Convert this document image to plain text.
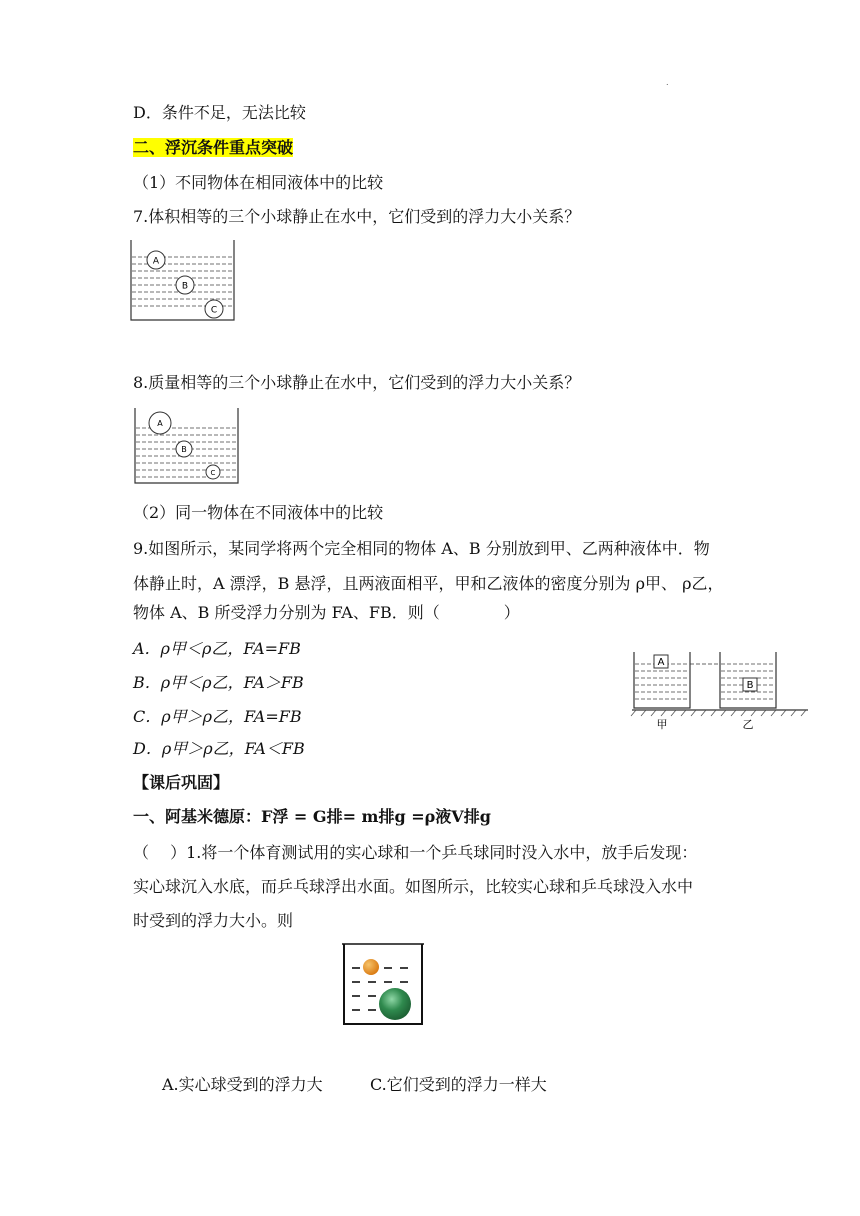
.
D．条件不足，无法比较
二、浮沉条件重点突破
（1）不同物体在相同液体中的比较
7.体积相等的三个小球静止在水中，它们受到的浮力大小关系？
A
B
C
8.质量相等的三个小球静止在水中，它们受到的浮力大小关系？
A
B
C
（2）同一物体在不同液体中的比较
9.如图所示，某同学将两个完全相同的物体 A、B 分别放到甲、乙两种液体中．物
体静止时，A 漂浮，B 悬浮，且两液面相平，甲和乙液体的密度分别为 ρ甲、 ρ乙，
物体 A、B 所受浮力分别为 FA、FB．则（　　　　）
A．ρ甲＜ρ乙，FA=FB
B．ρ甲＜ρ乙，FA＞FB
C．ρ甲＞ρ乙，FA=FB
D．ρ甲＞ρ乙，FA＜FB
A
B
甲	乙
【课后巩固】
一、阿基米德原：F浮 = G排= m排g =ρ液V排g
（　 ）1.将一个体育测试用的实心球和一个乒乓球同时没入水中，放手后发现：
实心球沉入水底，而乒乓球浮出水面。如图所示，比较实心球和乒乓球没入水中
时受到的浮力大小。则
A.实心球受到的浮力大	C.它们受到的浮力一样大
